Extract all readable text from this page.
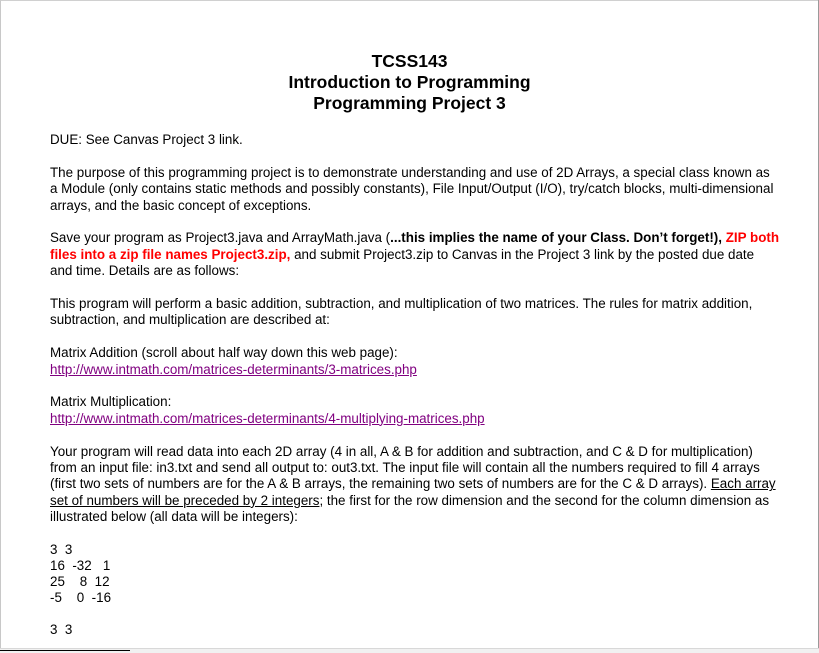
TCSS143
Introduction to Programming
Programming Project 3

DUE: See Canvas Project 3 link.

The purpose of this programming project is to demonstrate understanding and use of 2D Arrays, a special class known as a Module (only contains static methods and possibly constants), File Input/Output (I/O), try/catch blocks, multi-dimensional arrays, and the basic concept of exceptions.

Save your program as Project3.java and ArrayMath.java (...this implies the name of your Class. Don’t forget!), ZIP both files into a zip file names Project3.zip, and submit Project3.zip to Canvas in the Project 3 link by the posted due date and time. Details are as follows:

This program will perform a basic addition, subtraction, and multiplication of two matrices. The rules for matrix addition, subtraction, and multiplication are described at:

Matrix Addition (scroll about half way down this web page):
http://www.intmath.com/matrices-determinants/3-matrices.php

Matrix Multiplication:
http://www.intmath.com/matrices-determinants/4-multiplying-matrices.php

Your program will read data into each 2D array (4 in all, A & B for addition and subtraction, and C & D for multiplication) from an input file: in3.txt and send all output to: out3.txt. The input file will contain all the numbers required to fill 4 arrays (first two sets of numbers are for the A & B arrays, the remaining two sets of numbers are for the C & D arrays). Each array set of numbers will be preceded by 2 integers; the first for the row dimension and the second for the column dimension as illustrated below (all data will be integers):

3  3
16  -32   1
25    8  12
-5    0  -16

3  3
